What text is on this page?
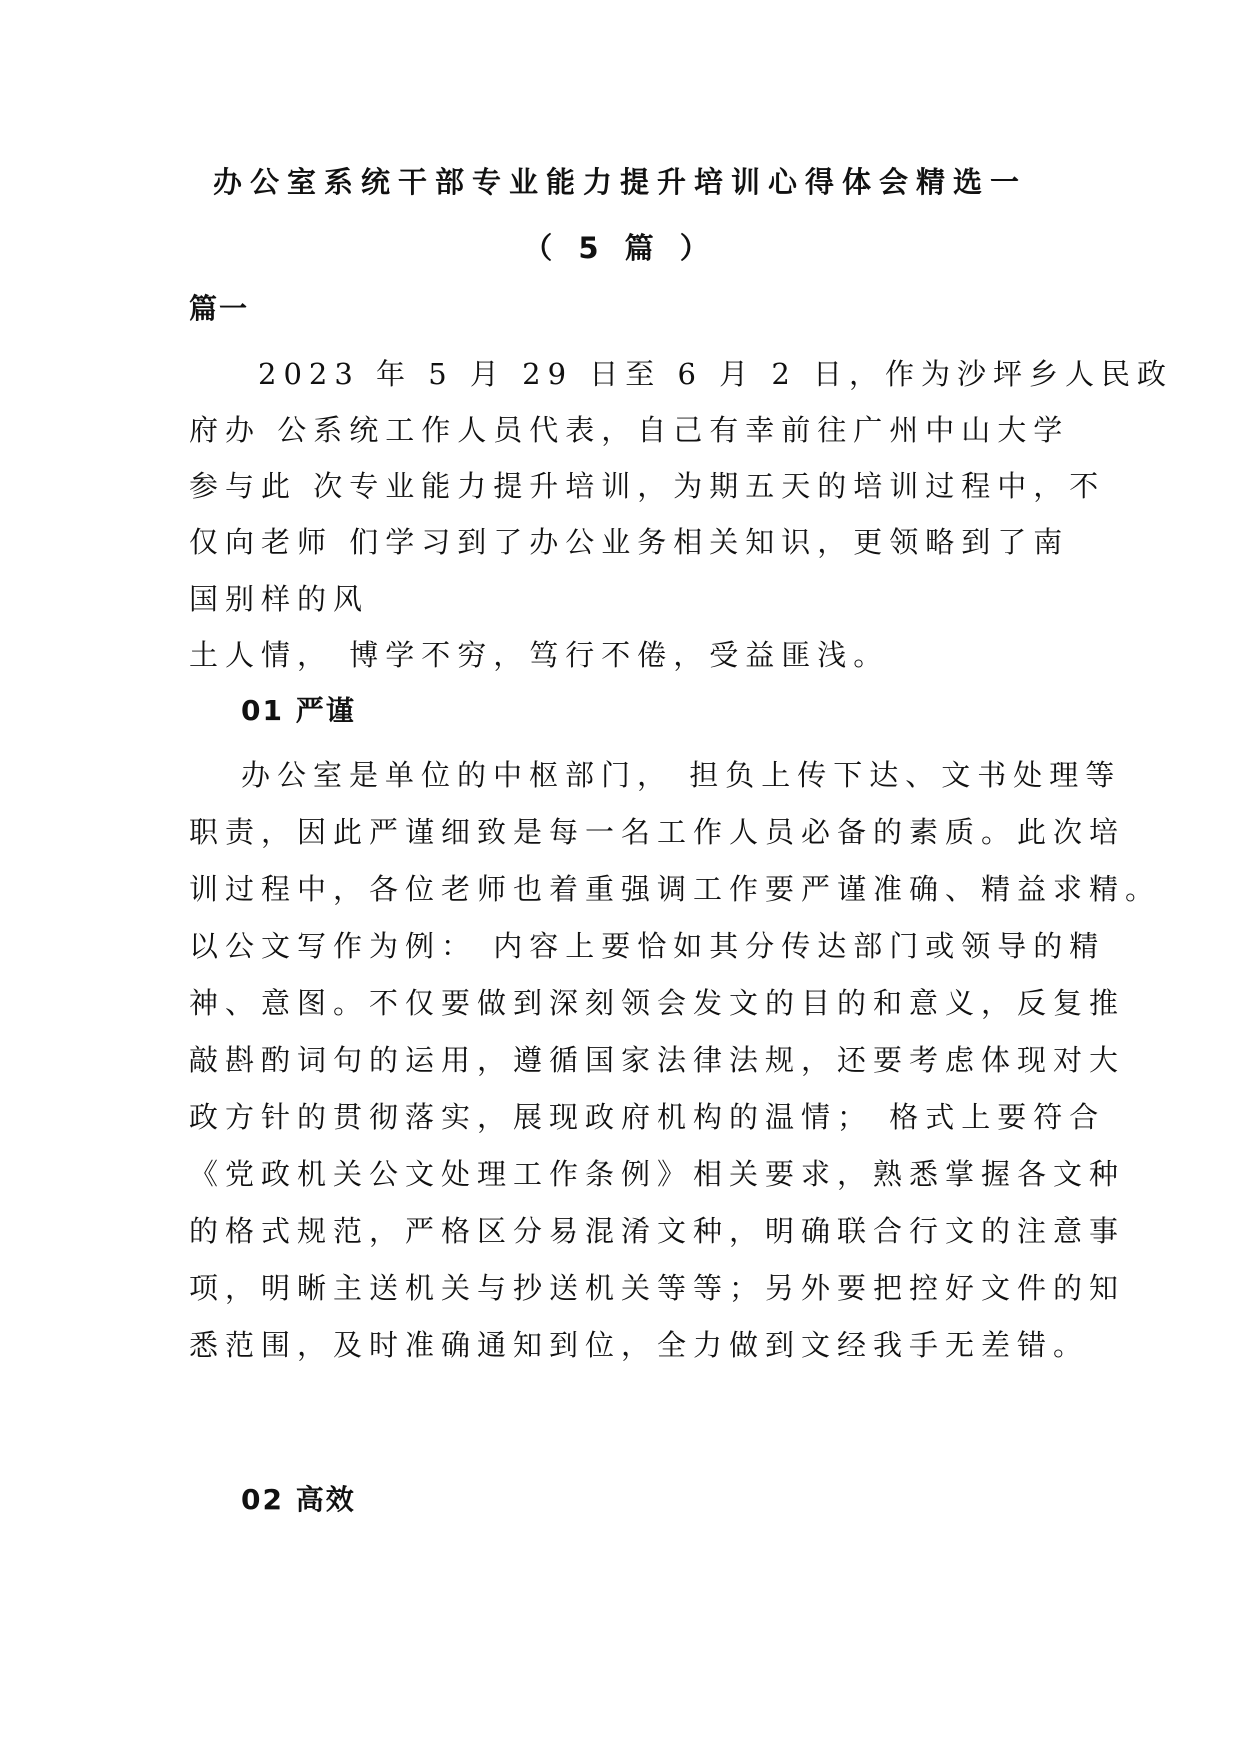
办公室系统干部专业能力提升培训心得体会精选一
（ 5 篇 ）
篇一
2023 年 5 月 29 日至 6 月 2 日，作为沙坪乡人民政
府办 公系统工作人员代表，自己有幸前往广州中山大学
参与此 次专业能力提升培训，为期五天的培训过程中，不
仅向老师 们学习到了办公业务相关知识，更领略到了南
国别样的风
土人情， 博学不穷，笃行不倦，受益匪浅。
01 严谨
办公室是单位的中枢部门， 担负上传下达、文书处理等
职责，因此严谨细致是每一名工作人员必备的素质。此次培
训过程中，各位老师也着重强调工作要严谨准确、精益求精。
以公文写作为例： 内容上要恰如其分传达部门或领导的精
神、意图。不仅要做到深刻领会发文的目的和意义，反复推
敲斟酌词句的运用，遵循国家法律法规，还要考虑体现对大
政方针的贯彻落实，展现政府机构的温情； 格式上要符合
《党政机关公文处理工作条例》相关要求，熟悉掌握各文种
的格式规范，严格区分易混淆文种，明确联合行文的注意事
项，明晰主送机关与抄送机关等等；另外要把控好文件的知
悉范围，及时准确通知到位，全力做到文经我手无差错。
02 高效
